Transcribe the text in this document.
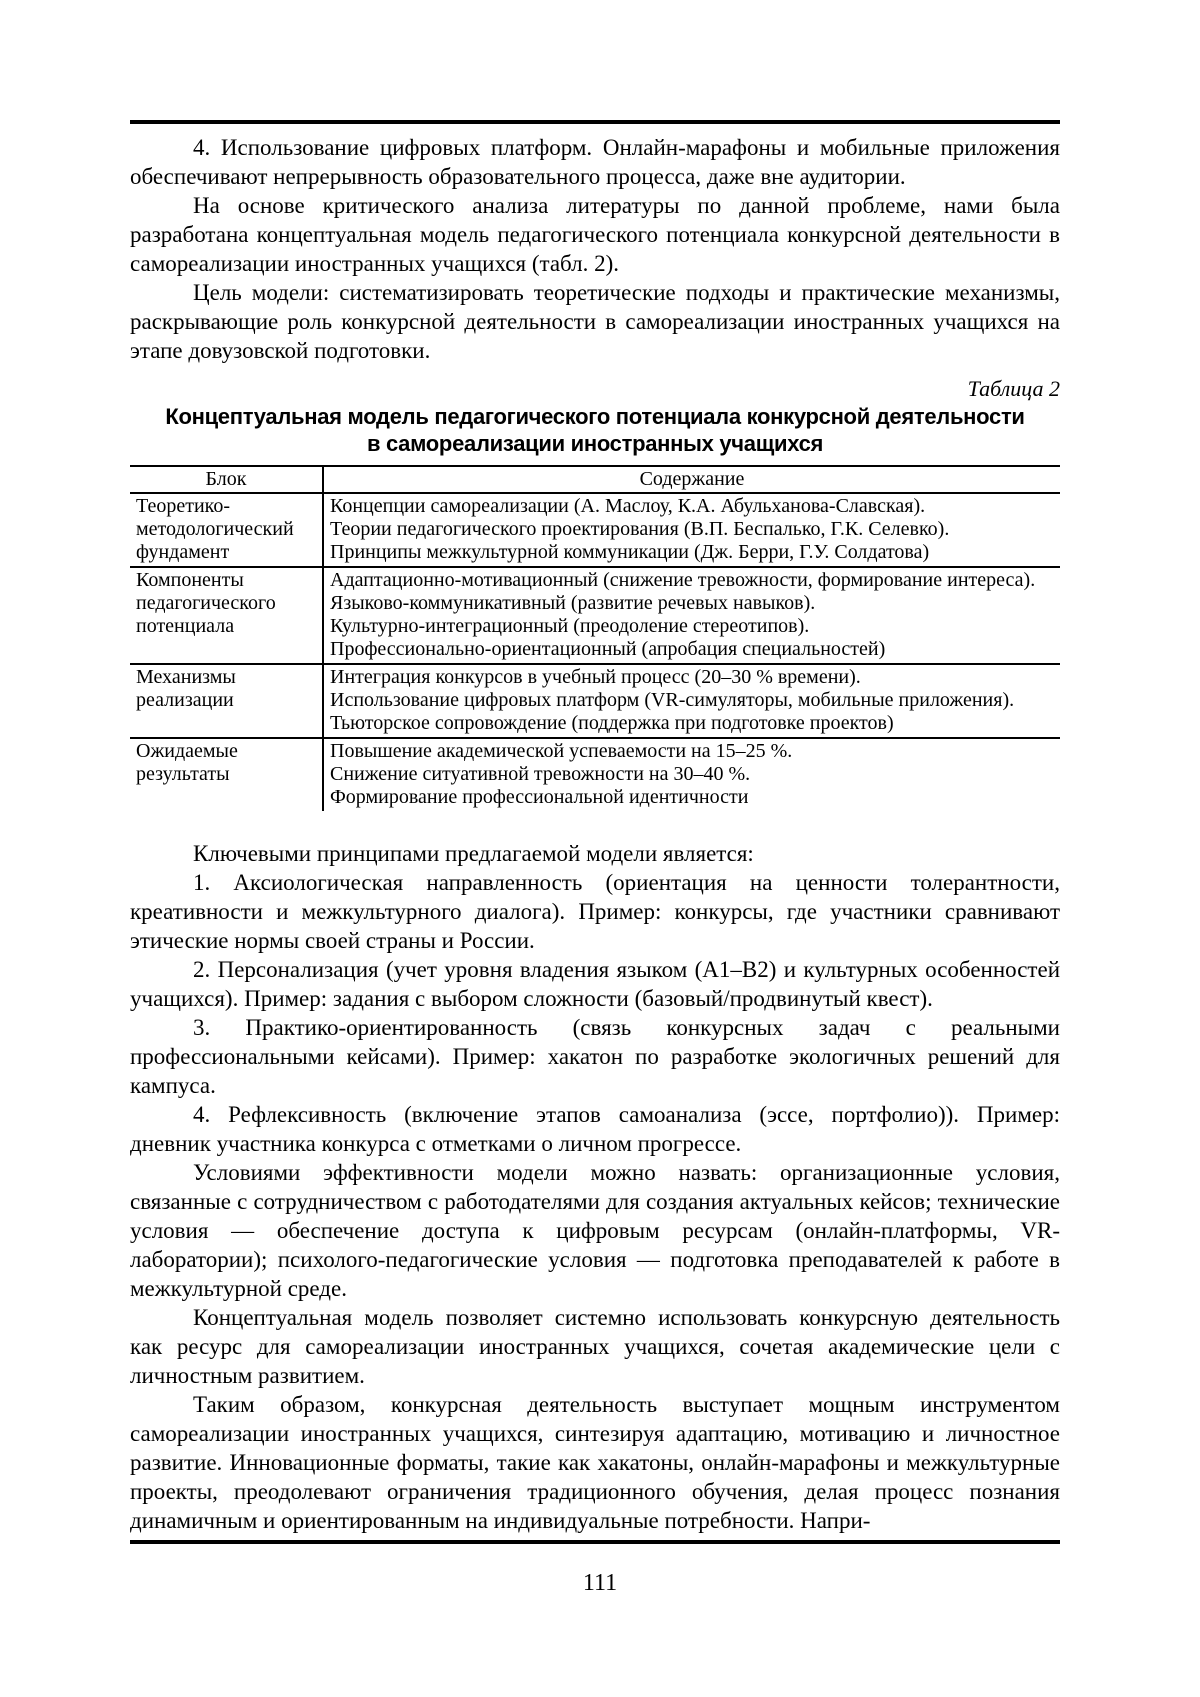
4. Использование цифровых платформ. Онлайн-марафоны и мобильные приложения обеспечивают непрерывность образовательного процесса, даже вне аудитории.

На основе критического анализа литературы по данной проблеме, нами была разработана концептуальная модель педагогического потенциала конкурсной деятельности в самореализации иностранных учащихся (табл. 2).

Цель модели: систематизировать теоретические подходы и практические механизмы, раскрывающие роль конкурсной деятельности в самореализации иностранных учащихся на этапе довузовской подготовки.

Таблица 2
Концептуальная модель педагогического потенциала конкурсной деятельности
в самореализации иностранных учащихся
Блок	Содержание
Теоретико-методологический фундамент	Концепции самореализации (А. Маслоу, К.А. Абульханова-Славская).
Теории педагогического проектирования (В.П. Беспалько, Г.К. Селевко).
Принципы межкультурной коммуникации (Дж. Берри, Г.У. Солдатова)

Компоненты педагогического потенциала	Адаптационно-мотивационный (снижение тревожности, формирование интереса).
Языково-коммуникативный (развитие речевых навыков).
Культурно-интеграционный (преодоление стереотипов).
Профессионально-ориентационный (апробация специальностей)

Механизмы реализации	Интеграция конкурсов в учебный процесс (20–30 % времени).
Использование цифровых платформ (VR-симуляторы, мобильные приложения).
Тьюторское сопровождение (поддержка при подготовке проектов)

Ожидаемые результаты	Повышение академической успеваемости на 15–25 %.
Снижение ситуативной тревожности на 30–40 %.
Формирование профессиональной идентичности

Ключевыми принципами предлагаемой модели является:

1. Аксиологическая направленность (ориентация на ценности толерантности, креативности и межкультурного диалога). Пример: конкурсы, где участники сравнивают этические нормы своей страны и России.

2. Персонализация (учет уровня владения языком (A1–B2) и культурных особенностей учащихся). Пример: задания с выбором сложности (базовый/продвинутый квест).

3. Практико-ориентированность (связь конкурсных задач с реальными профессиональными кейсами). Пример: хакатон по разработке экологичных решений для кампуса.

4. Рефлексивность (включение этапов самоанализа (эссе, портфолио)). Пример: дневник участника конкурса с отметками о личном прогрессе.

Условиями эффективности модели можно назвать: организационные условия, связанные с сотрудничеством с работодателями для создания актуальных кейсов; технические условия — обеспечение доступа к цифровым ресурсам (онлайн-платформы, VR-лаборатории); психолого-педагогические условия — подготовка преподавателей к работе в межкультурной среде.

Концептуальная модель позволяет системно использовать конкурсную деятельность как ресурс для самореализации иностранных учащихся, сочетая академические цели с личностным развитием.

Таким образом, конкурсная деятельность выступает мощным инструментом самореализации иностранных учащихся, синтезируя адаптацию, мотивацию и личностное развитие. Инновационные форматы, такие как хакатоны, онлайн-марафоны и межкультурные проекты, преодолевают ограничения традиционного обучения, делая процесс познания динамичным и ориентированным на индивидуальные потребности. Напри-

111
